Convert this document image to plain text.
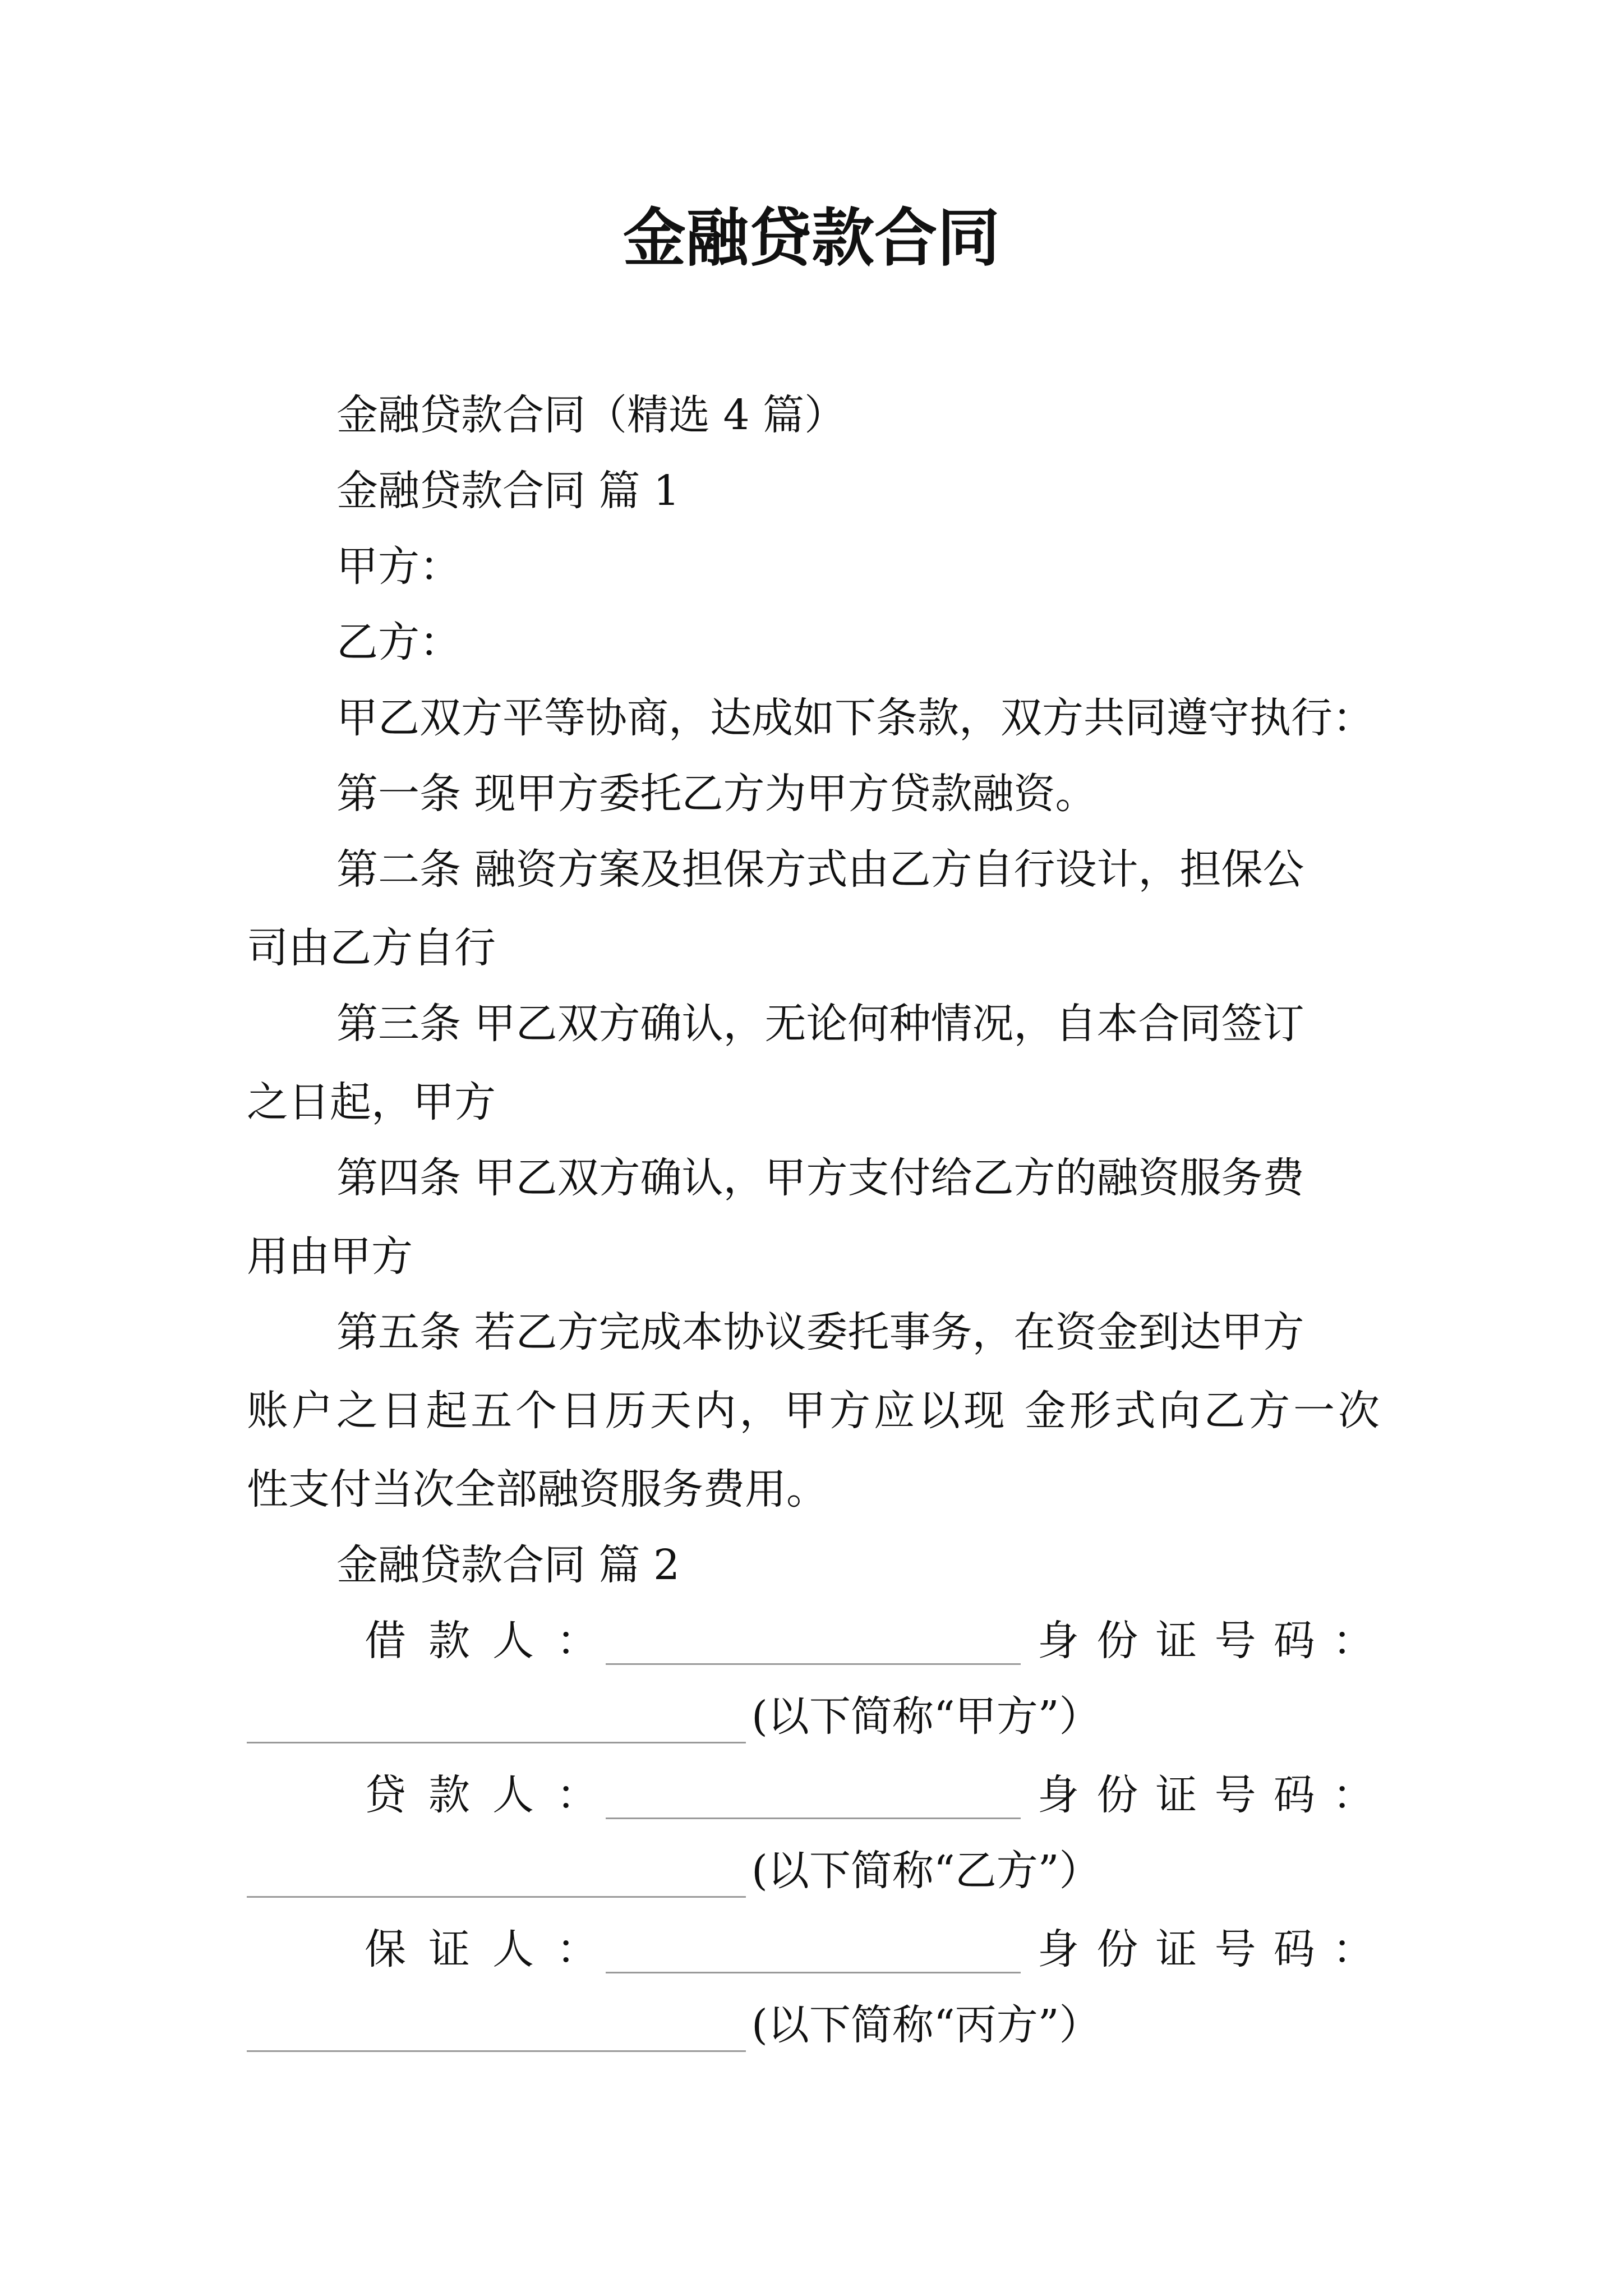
金融贷款合同
金融贷款合同（精选 4 篇）
金融贷款合同 篇 1
甲方：
乙方：
甲乙双方平等协商，达成如下条款，双方共同遵守执行：
第一条 现甲方委托乙方为甲方贷款融资。
第二条 融资方案及担保方式由乙方自行设计，担保公
司由乙方自行
第三条 甲乙双方确认，无论何种情况，自本合同签订
之日起，甲方
第四条 甲乙双方确认，甲方支付给乙方的融资服务费
用由甲方
第五条 若乙方完成本协议委托事务，在资金到达甲方
账户之日起五个日历天内，甲方应以现 金形式向乙方一次
性支付当次全部融资服务费用。
金融贷款合同 篇 2
借款人：	身份证号码：
(以下简称“甲方”）
贷款人：	身份证号码：
(以下简称“乙方”）
保证人：	身份证号码：
(以下简称“丙方”）
